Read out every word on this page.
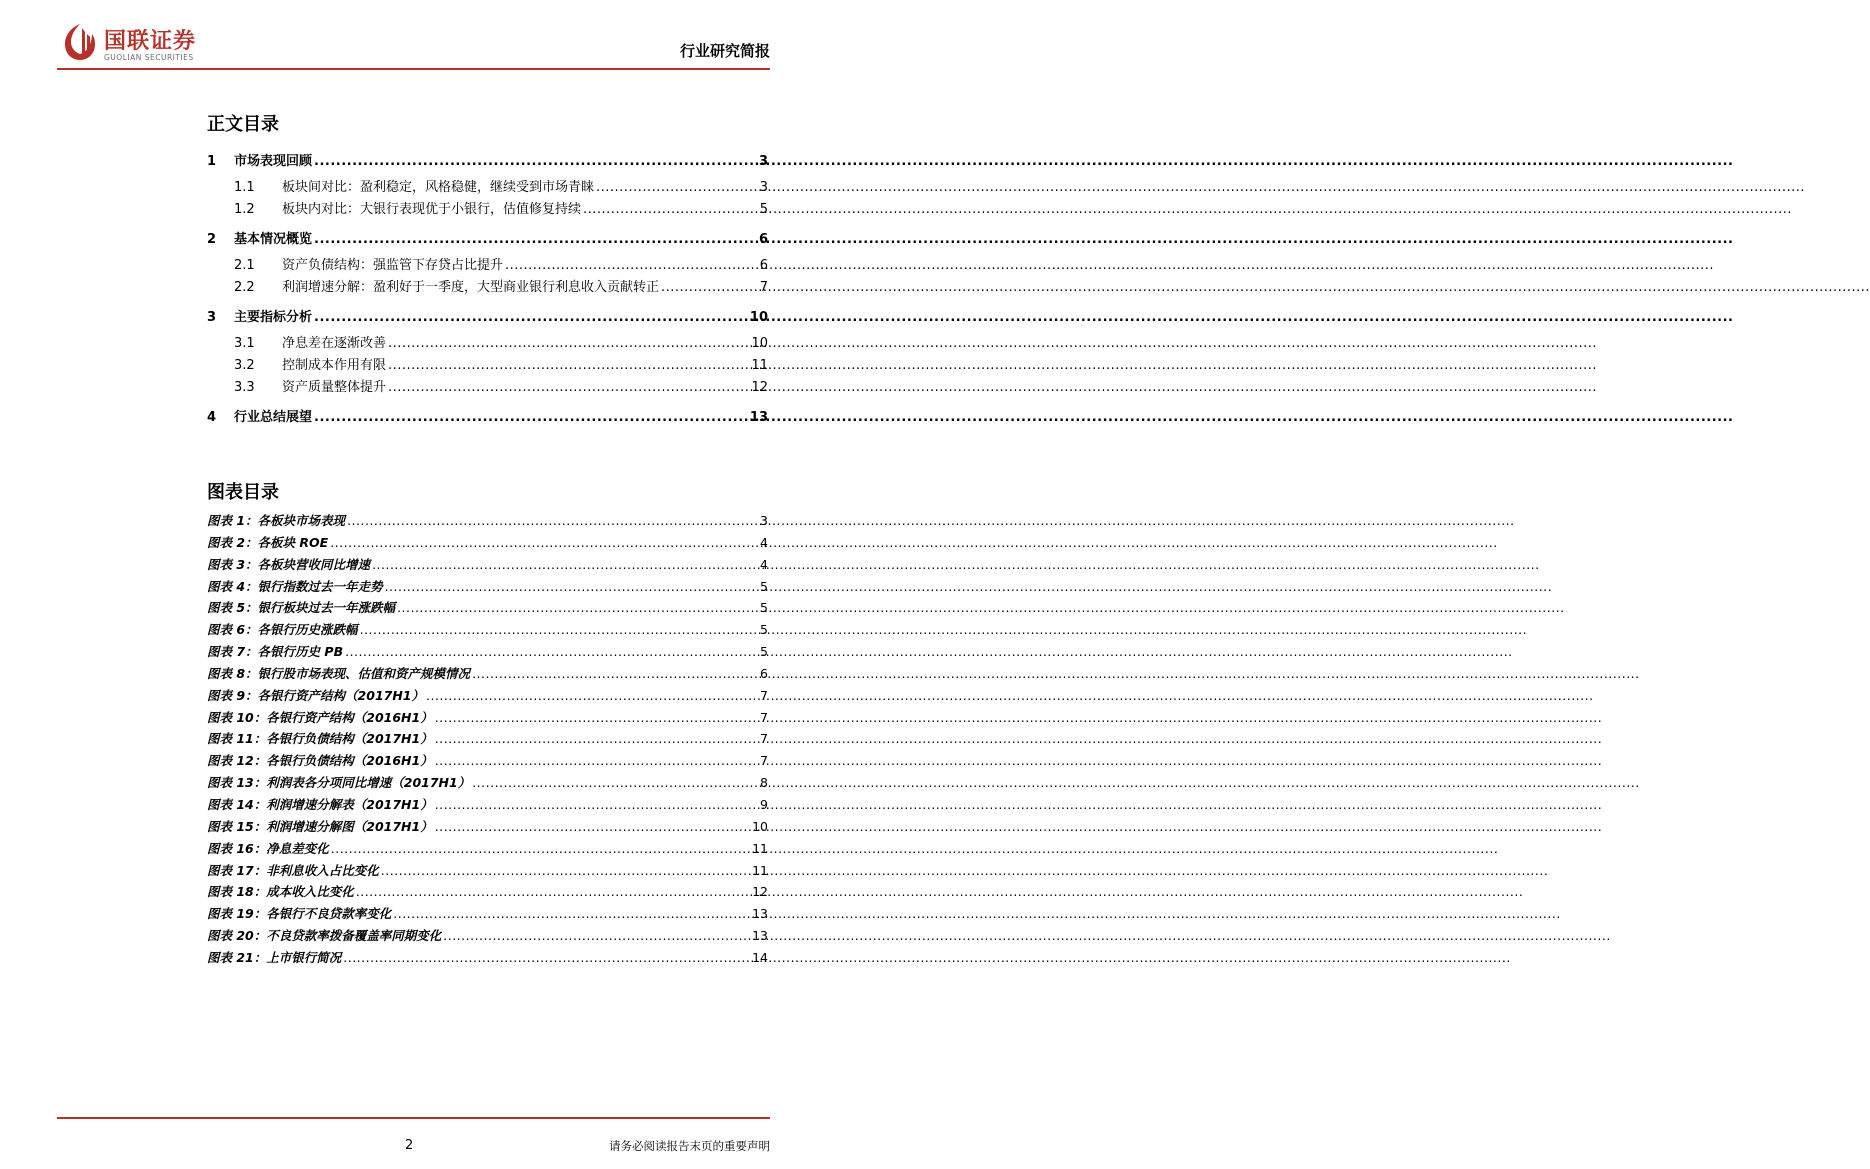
国联证券
GUOLIAN SECURITIES	行业研究简报
正文目录
1	市场表现回顾 .....	3
1.1	板块间对比：盈利稳定，风格稳健，继续受到市场青睐 .....	3
1.2	板块内对比：大银行表现优于小银行，估值修复持续 .....	5
2	基本情况概览 .....	6
2.1	资产负债结构：强监管下存贷占比提升 .....	6
2.2	利润增速分解：盈利好于一季度，大型商业银行利息收入贡献转正 .....	7
3	主要指标分析 .....	10
3.1	净息差在逐渐改善 .....	10
3.2	控制成本作用有限 .....	11
3.3	资产质量整体提升 .....	12
4	行业总结展望 .....	13
图表目录
图表 1：各板块市场表现 .....	3
图表 2：各板块 ROE .....	4
图表 3：各板块营收同比增速 .....	4
图表 4：银行指数过去一年走势 .....	5
图表 5：银行板块过去一年涨跌幅 .....	5
图表 6：各银行历史涨跌幅 .....	5
图表 7：各银行历史 PB .....	5
图表 8：银行股市场表现、估值和资产规模情况 .....	6
图表 9：各银行资产结构（2017H1） .....	7
图表 10：各银行资产结构（2016H1） .....	7
图表 11：各银行负债结构（2017H1） .....	7
图表 12：各银行负债结构（2016H1） .....	7
图表 13：利润表各分项同比增速（2017H1） .....	8
图表 14：利润增速分解表（2017H1） .....	9
图表 15：利润增速分解图（2017H1） .....	10
图表 16：净息差变化 .....	11
图表 17：非利息收入占比变化 .....	11
图表 18：成本收入比变化 .....	12
图表 19：各银行不良贷款率变化 .....	13
图表 20：不良贷款率拨备覆盖率同期变化 .....	13
图表 21：上市银行简况 .....	14
2	请务必阅读报告末页的重要声明
